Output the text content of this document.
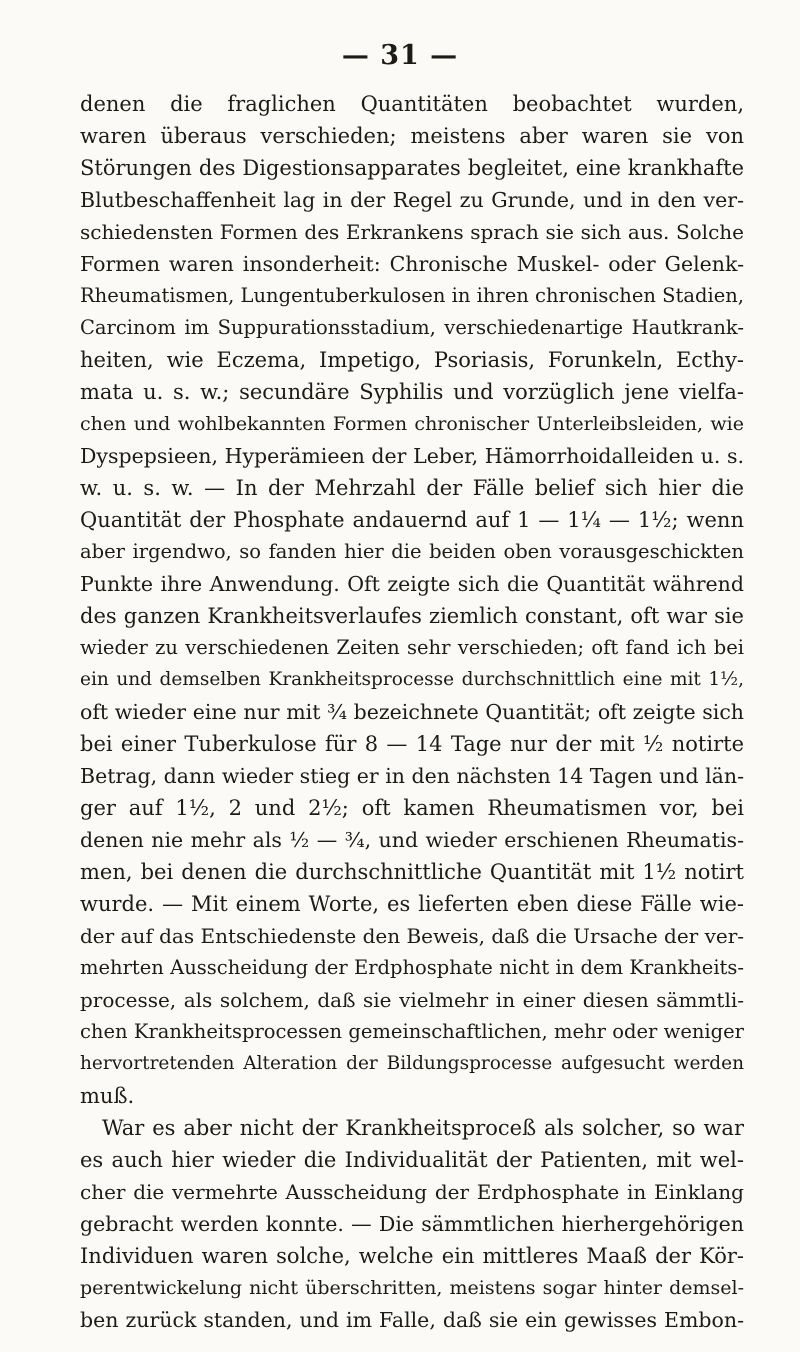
— 31 —
denen die fraglichen Quantitäten beobachtet wurden,
waren überaus verschieden; meistens aber waren sie von
Störungen des Digestionsapparates begleitet, eine krankhafte
Blutbeschaffenheit lag in der Regel zu Grunde, und in den ver-
schiedensten Formen des Erkrankens sprach sie sich aus. Solche
Formen waren insonderheit: Chronische Muskel- oder Gelenk-
Rheumatismen, Lungentuberkulosen in ihren chronischen Stadien,
Carcinom im Suppurationsstadium, verschiedenartige Hautkrank-
heiten, wie Eczema, Impetigo, Psoriasis, Forunkeln, Ecthy-
mata u. s. w.; secundäre Syphilis und vorzüglich jene vielfa-
chen und wohlbekannten Formen chronischer Unterleibsleiden, wie
Dyspepsieen, Hyperämieen der Leber, Hämorrhoidalleiden u. s.
w. u. s. w. — In der Mehrzahl der Fälle belief sich hier die
Quantität der Phosphate andauernd auf 1 — 1¼ — 1½; wenn
aber irgendwo, so fanden hier die beiden oben vorausgeschickten
Punkte ihre Anwendung. Oft zeigte sich die Quantität während
des ganzen Krankheitsverlaufes ziemlich constant, oft war sie
wieder zu verschiedenen Zeiten sehr verschieden; oft fand ich bei
ein und demselben Krankheitsprocesse durchschnittlich eine mit 1½,
oft wieder eine nur mit ¾ bezeichnete Quantität; oft zeigte sich
bei einer Tuberkulose für 8 — 14 Tage nur der mit ½ notirte
Betrag, dann wieder stieg er in den nächsten 14 Tagen und län-
ger auf 1½, 2 und 2½; oft kamen Rheumatismen vor, bei
denen nie mehr als ½ — ¾, und wieder erschienen Rheumatis-
men, bei denen die durchschnittliche Quantität mit 1½ notirt
wurde. — Mit einem Worte, es lieferten eben diese Fälle wie-
der auf das Entschiedenste den Beweis, daß die Ursache der ver-
mehrten Ausscheidung der Erdphosphate nicht in dem Krankheits-
processe, als solchem, daß sie vielmehr in einer diesen sämmtli-
chen Krankheitsprocessen gemeinschaftlichen, mehr oder weniger
hervortretenden Alteration der Bildungsprocesse aufgesucht werden
muß.
War es aber nicht der Krankheitsproceß als solcher, so war
es auch hier wieder die Individualität der Patienten, mit wel-
cher die vermehrte Ausscheidung der Erdphosphate in Einklang
gebracht werden konnte. — Die sämmtlichen hierhergehörigen
Individuen waren solche, welche ein mittleres Maaß der Kör-
perentwickelung nicht überschritten, meistens sogar hinter demsel-
ben zurück standen, und im Falle, daß sie ein gewisses Embon-
